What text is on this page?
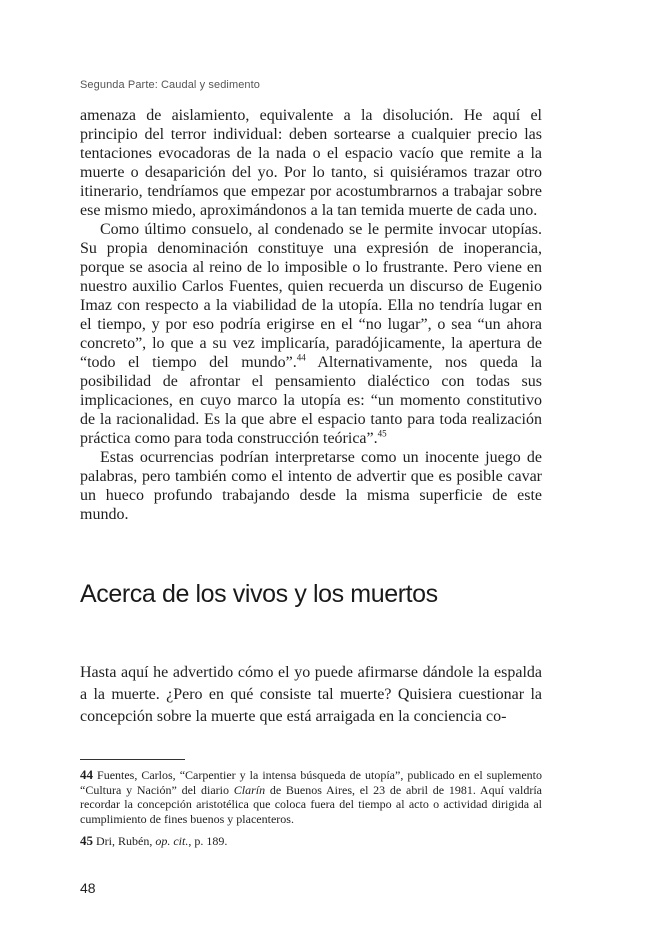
Segunda Parte: Caudal y sedimento

amenaza de aislamiento, equivalente a la disolución. He aquí el principio del terror individual: deben sortearse a cualquier precio las tentaciones evocadoras de la nada o el espacio vacío que remite a la muerte o desaparición del yo. Por lo tanto, si quisiéramos trazar otro itinerario, tendríamos que empezar por acostumbrarnos a trabajar sobre ese mismo miedo, aproximándonos a la tan temida muerte de cada uno.

Como último consuelo, al condenado se le permite invocar utopías. Su propia denominación constituye una expresión de inoperancia, porque se asocia al reino de lo imposible o lo frustrante. Pero viene en nuestro auxilio Carlos Fuentes, quien recuerda un discurso de Eugenio Imaz con respecto a la viabilidad de la utopía. Ella no tendría lugar en el tiempo, y por eso podría erigirse en el “no lugar”, o sea “un ahora concreto”, lo que a su vez implicaría, paradójicamente, la apertura de “todo el tiempo del mundo”.$^{44}$ Alternativamente, nos queda la posibilidad de afrontar el pensamiento dialéctico con todas sus implicaciones, en cuyo marco la utopía es: “un momento constitutivo de la racionalidad. Es la que abre el espacio tanto para toda realización práctica como para toda construcción teórica”.$^{45}$

Estas ocurrencias podrían interpretarse como un inocente juego de palabras, pero también como el intento de advertir que es posible cavar un hueco profundo trabajando desde la misma superficie de este mundo.

Acerca de los vivos y los muertos

Hasta aquí he advertido cómo el yo puede afirmarse dándole la espalda a la muerte. ¿Pero en qué consiste tal muerte? Quisiera cuestionar la concepción sobre la muerte que está arraigada en la conciencia co-

44 Fuentes, Carlos, “Carpentier y la intensa búsqueda de utopía”, publicado en el suplemento “Cultura y Nación” del diario Clarín de Buenos Aires, el 23 de abril de 1981. Aquí valdría recordar la concepción aristotélica que coloca fuera del tiempo al acto o actividad dirigida al cumplimiento de fines buenos y placenteros.

45 Dri, Rubén, op. cit., p. 189.

48
